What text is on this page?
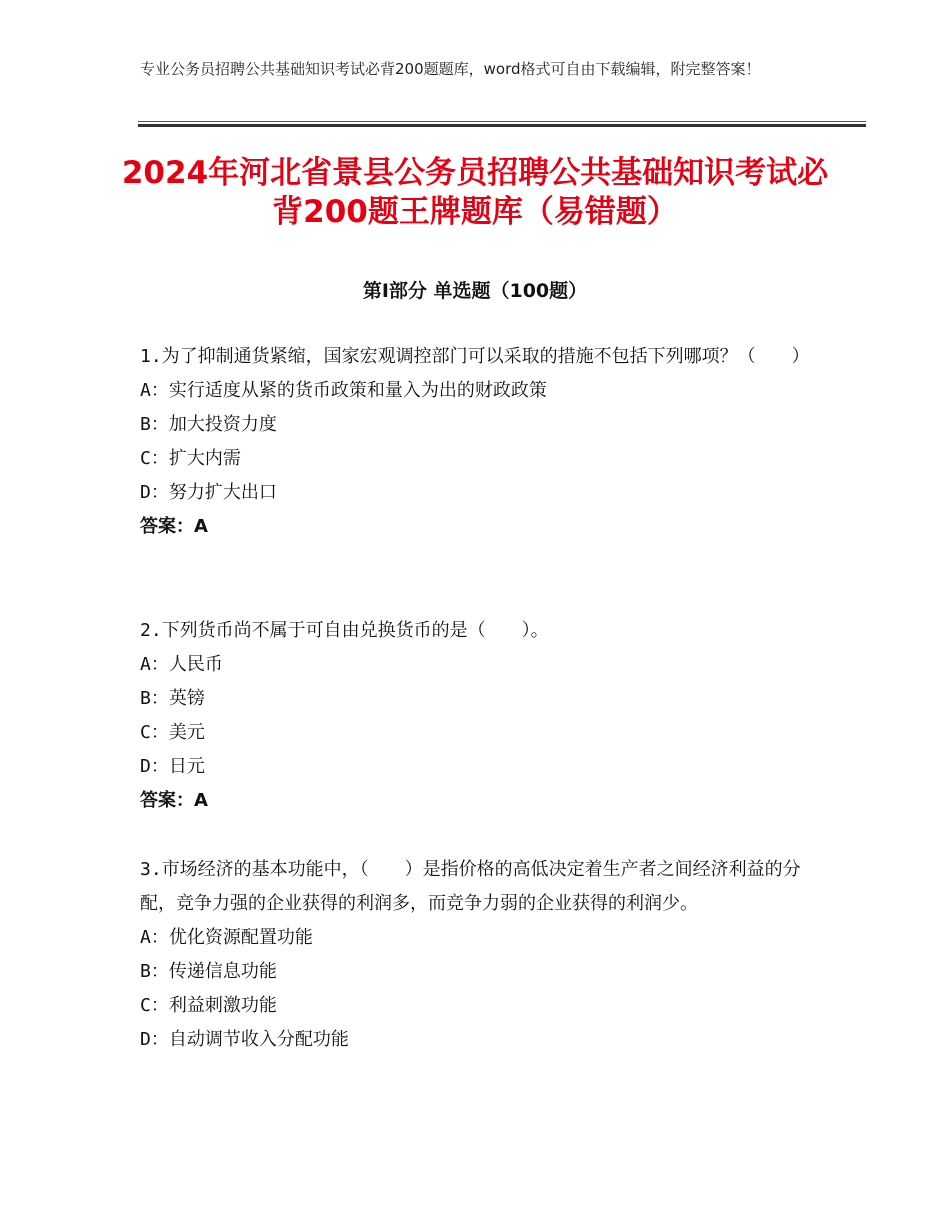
专业公务员招聘公共基础知识考试必背200题题库，word格式可自由下载编辑，附完整答案！
2024年河北省景县公务员招聘公共基础知识考试必背200题王牌题库（易错题）
第Ⅰ部分 单选题（100题）

1.为了抑制通货紧缩，国家宏观调控部门可以采取的措施不包括下列哪项？（　　）

A：实行适度从紧的货币政策和量入为出的财政政策

B：加大投资力度

C：扩大内需

D：努力扩大出口

答案：A

2.下列货币尚不属于可自由兑换货币的是（　　）。

A：人民币

B：英镑

C：美元

D：日元

答案：A

3.市场经济的基本功能中，（　　）是指价格的高低决定着生产者之间经济利益的分配，竞争力强的企业获得的利润多，而竞争力弱的企业获得的利润少。

A：优化资源配置功能

B：传递信息功能

C：利益刺激功能

D：自动调节收入分配功能
